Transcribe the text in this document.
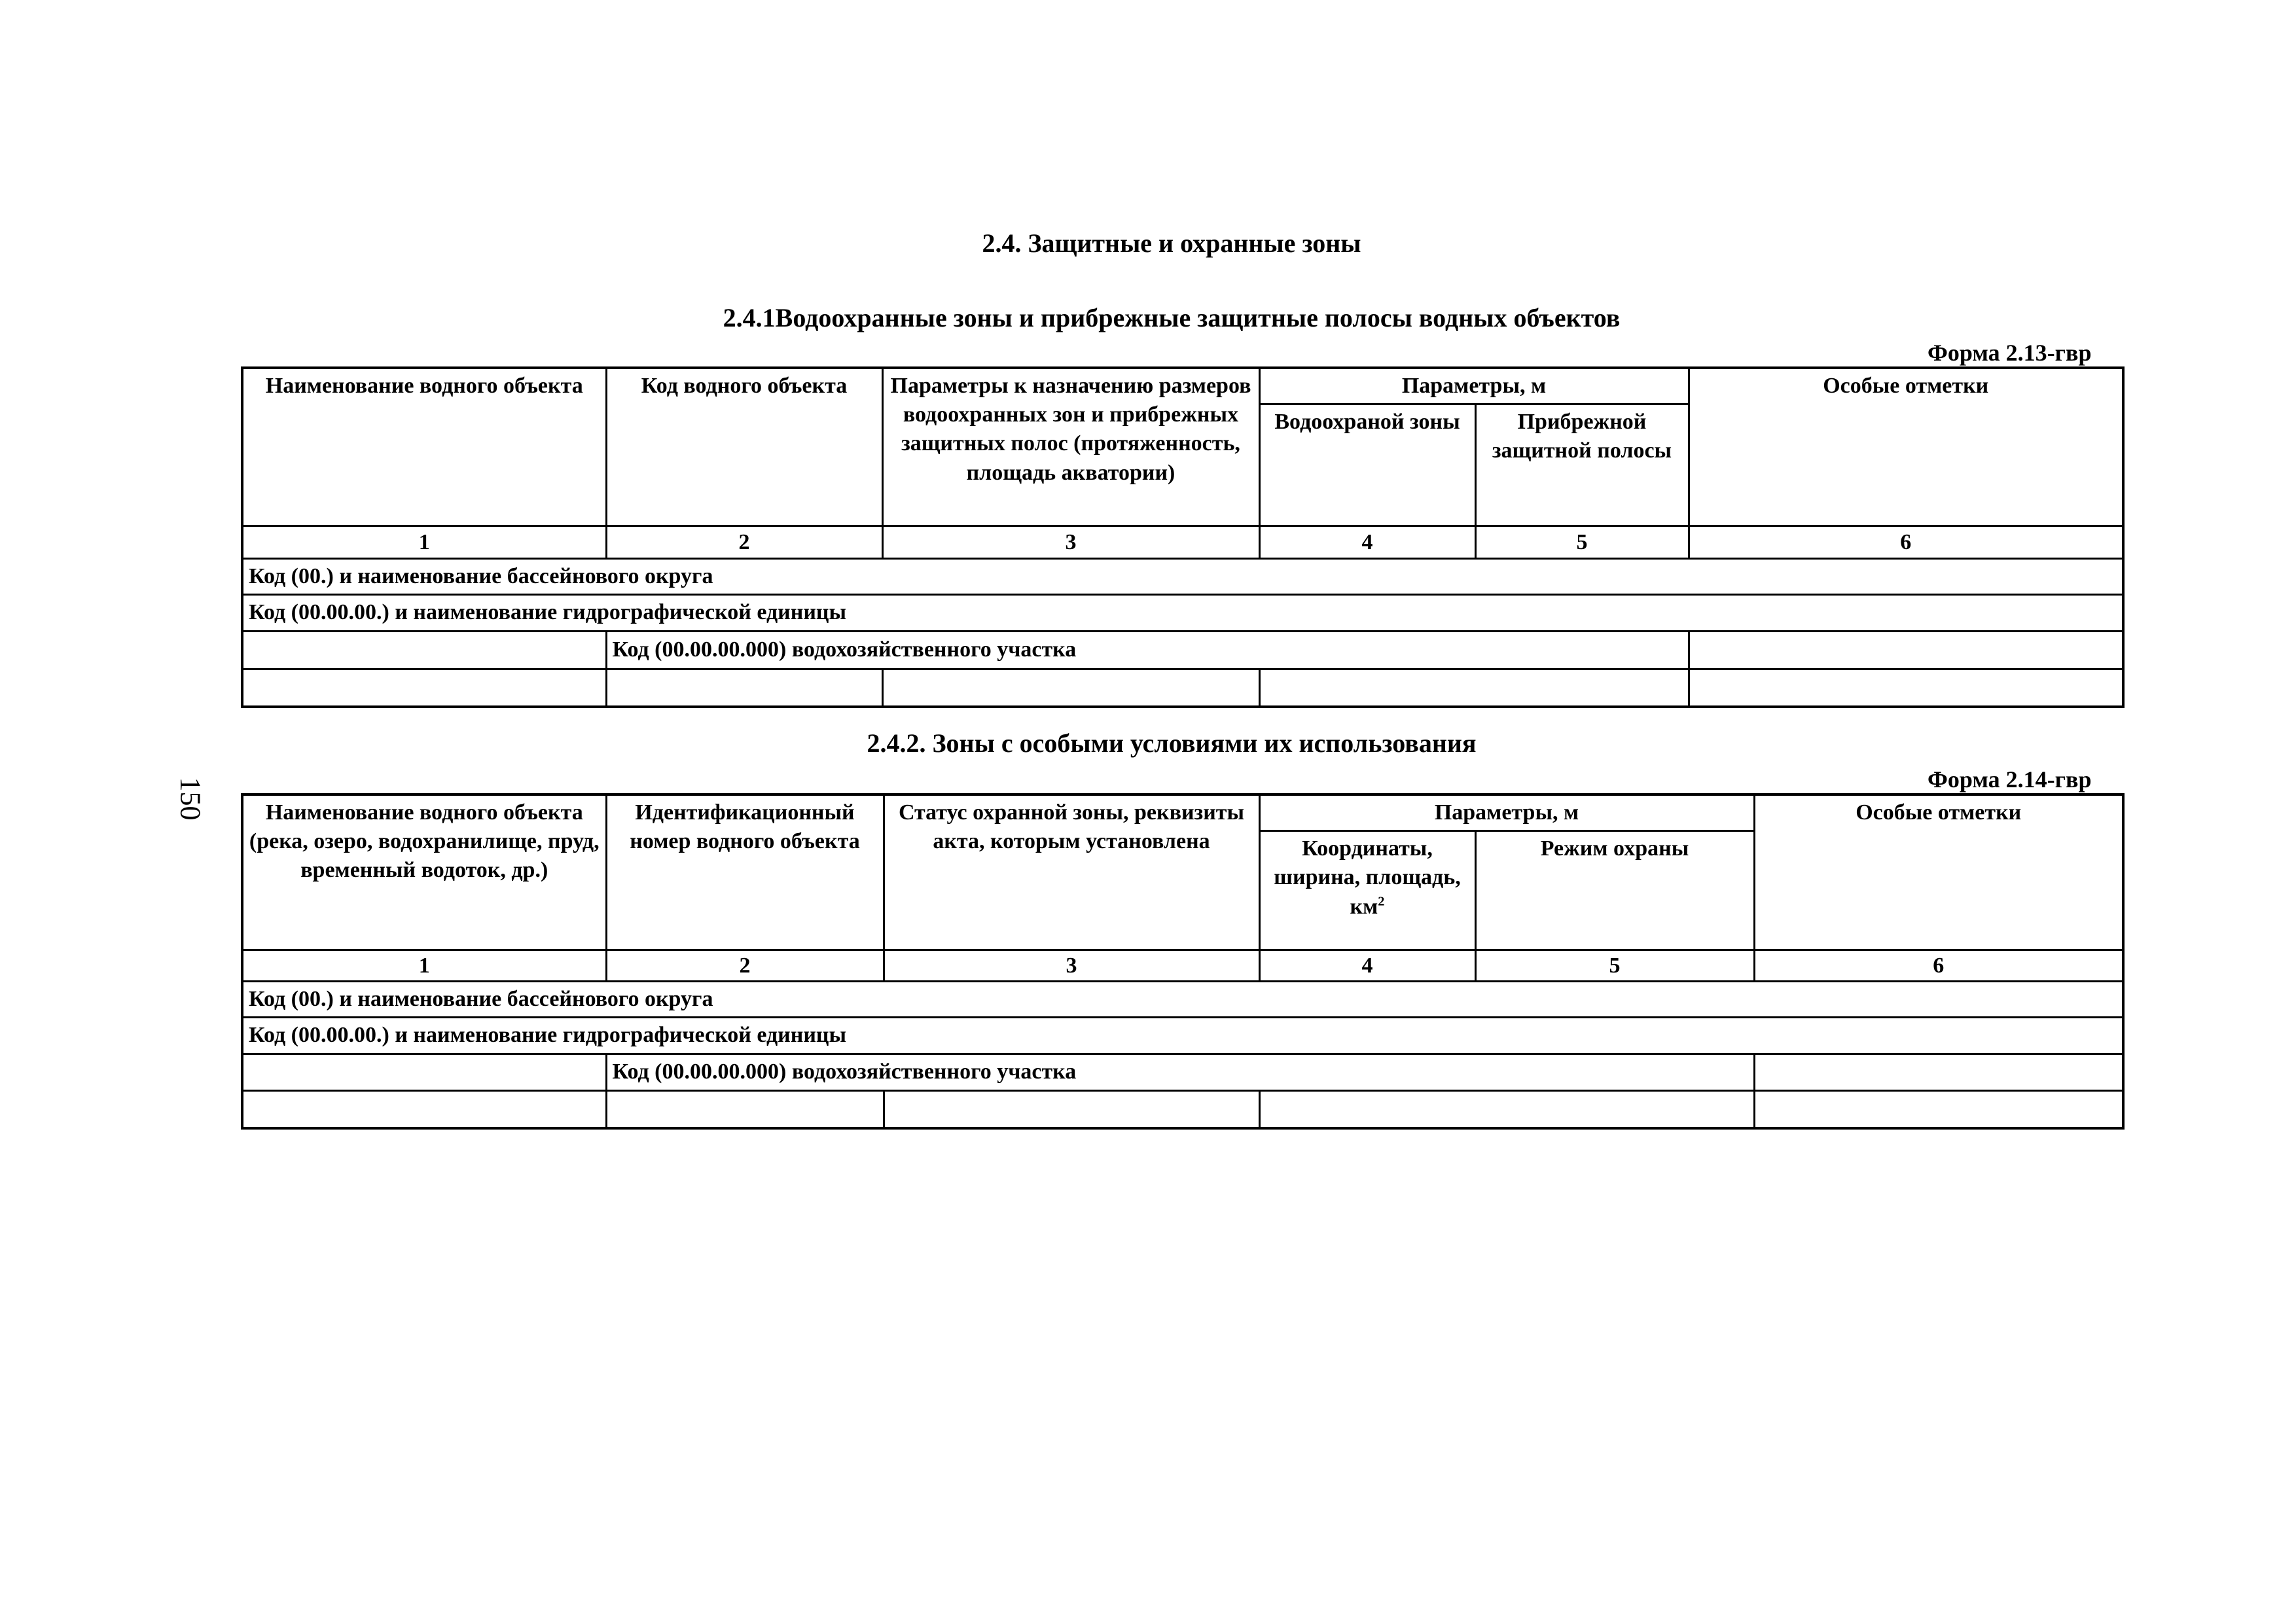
150
2.4. Защитные и охранные зоны
2.4.1Водоохранные зоны и прибрежные защитные полосы водных объектов
Форма 2.13-гвр
Наименование водного объекта	Код водного объекта	Параметры к назначению размеров водоохранных зон и прибрежных защитных полос (протяженность, площадь акватории)	Параметры, м		Особые отметки
			Водоохраной зоны	Прибрежной защитной полосы	
1	2	3	4	5	6
Код (00.) и наименование бассейнового округа					
Код (00.00.00.) и наименование гидрографической единицы					
	Код (00.00.00.000) водохозяйственного участка				

2.4.2. Зоны с особыми условиями их использования
Форма 2.14-гвр
Наименование водного объекта (река, озеро, водохранилище, пруд, временный водоток, др.)	Идентификационный номер водного объекта	Статус охранной зоны, реквизиты акта, которым установлена	Параметры, м		Особые отметки
			Координаты, ширина, площадь, $км^2$	Режим охраны	
1	2	3	4	5	6
Код (00.) и наименование бассейнового округа					
Код (00.00.00.) и наименование гидрографической единицы					
	Код (00.00.00.000) водохозяйственного участка				
